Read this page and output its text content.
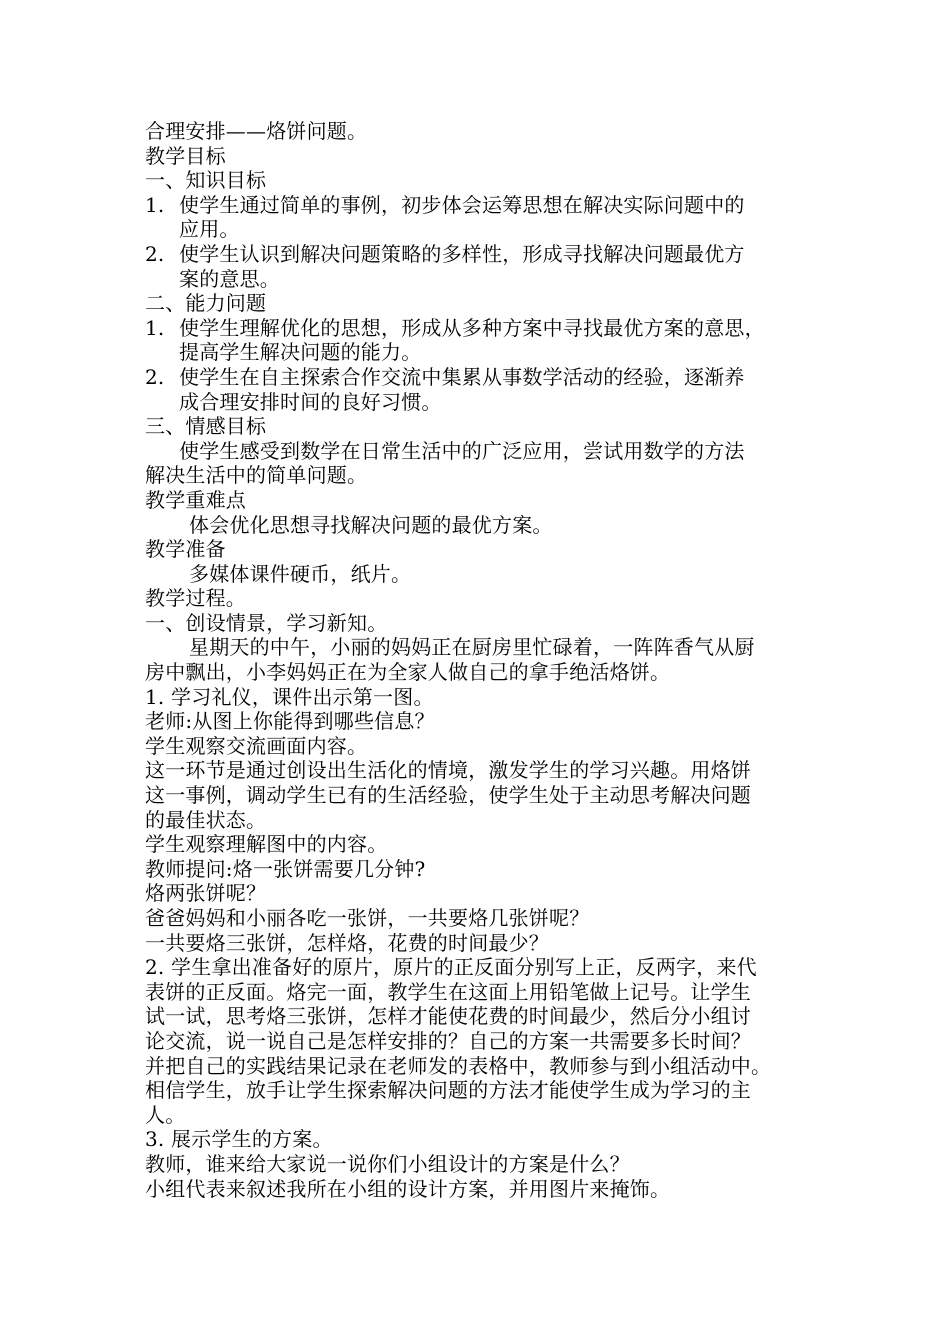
合理安排——烙饼问题。
教学目标
一、知识目标
1. 使学生通过简单的事例，初步体会运筹思想在解决实际问题中的
应用。
2. 使学生认识到解决问题策略的多样性，形成寻找解决问题最优方
案的意思。
二、能力问题
1. 使学生理解优化的思想，形成从多种方案中寻找最优方案的意思，
提高学生解决问题的能力。
2. 使学生在自主探索合作交流中集累从事数学活动的经验，逐渐养
成合理安排时间的良好习惯。
三、情感目标
使学生感受到数学在日常生活中的广泛应用，尝试用数学的方法
解决生活中的简单问题。
教学重难点
体会优化思想寻找解决问题的最优方案。
教学准备
多媒体课件硬币，纸片。
教学过程。
一、创设情景，学习新知。
星期天的中午，小丽的妈妈正在厨房里忙碌着，一阵阵香气从厨
房中飘出，小李妈妈正在为全家人做自己的拿手绝活烙饼。
1. 学习礼仪，课件出示第一图。
老师:从图上你能得到哪些信息？
学生观察交流画面内容。
这一环节是通过创设出生活化的情境，激发学生的学习兴趣。用烙饼
这一事例，调动学生已有的生活经验，使学生处于主动思考解决问题
的最佳状态。
学生观察理解图中的内容。
教师提问:烙一张饼需要几分钟?
烙两张饼呢？
爸爸妈妈和小丽各吃一张饼，一共要烙几张饼呢？
一共要烙三张饼，怎样烙，花费的时间最少？
2. 学生拿出准备好的原片，原片的正反面分别写上正，反两字，来代
表饼的正反面。烙完一面，教学生在这面上用铅笔做上记号。让学生
试一试，思考烙三张饼，怎样才能使花费的时间最少，然后分小组讨
论交流，说一说自己是怎样安排的？自己的方案一共需要多长时间？
并把自己的实践结果记录在老师发的表格中，教师参与到小组活动中。
相信学生，放手让学生探索解决问题的方法才能使学生成为学习的主
人。
3. 展示学生的方案。
教师，谁来给大家说一说你们小组设计的方案是什么？
小组代表来叙述我所在小组的设计方案，并用图片来掩饰。
